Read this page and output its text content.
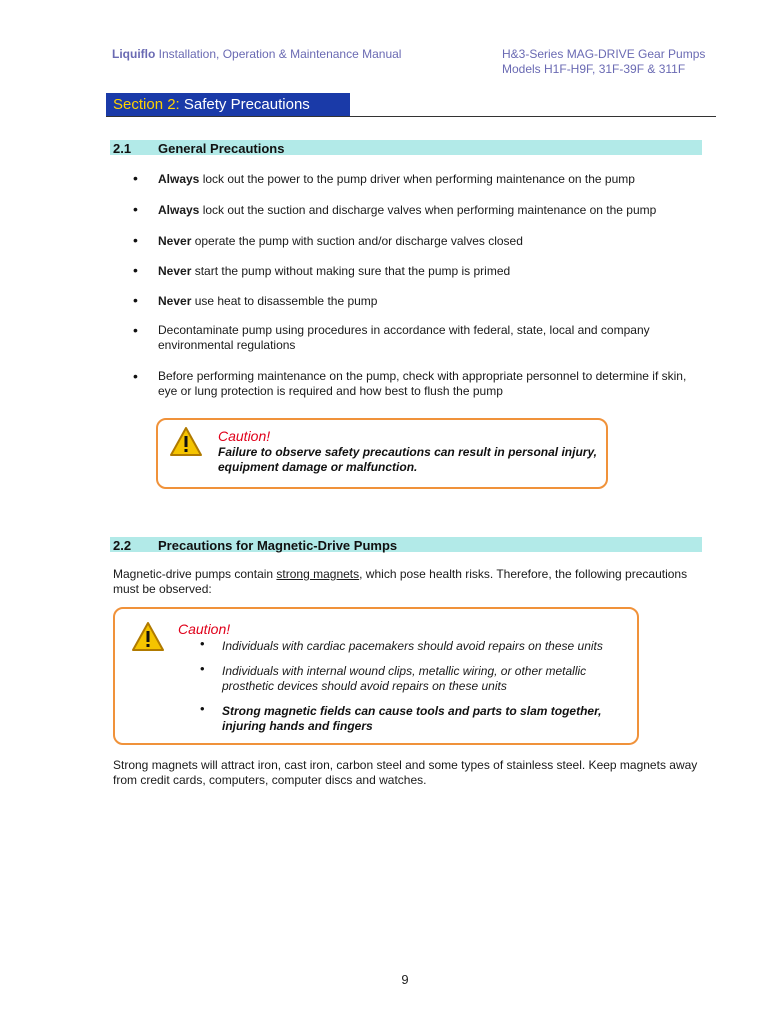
Liquiflo Installation, Operation & Maintenance Manual	H&3-Series MAG-DRIVE Gear Pumps
Models H1F-H9F, 31F-39F & 311F
Section 2: Safety Precautions
2.1 General Precautions
• Always lock out the power to the pump driver when performing maintenance on the pump
• Always lock out the suction and discharge valves when performing maintenance on the pump
• Never operate the pump with suction and/or discharge valves closed
• Never start the pump without making sure that the pump is primed
• Never use heat to disassemble the pump
• Decontaminate pump using procedures in accordance with federal, state, local and company environmental regulations
• Before performing maintenance on the pump, check with appropriate personnel to determine if skin, eye or lung protection is required and how best to flush the pump
Caution!
Failure to observe safety precautions can result in personal injury, equipment damage or malfunction.
2.2 Precautions for Magnetic-Drive Pumps
Magnetic-drive pumps contain strong magnets, which pose health risks. Therefore, the following precautions must be observed:
Caution!
• Individuals with cardiac pacemakers should avoid repairs on these units
• Individuals with internal wound clips, metallic wiring, or other metallic prosthetic devices should avoid repairs on these units
• Strong magnetic fields can cause tools and parts to slam together, injuring hands and fingers
Strong magnets will attract iron, cast iron, carbon steel and some types of stainless steel. Keep magnets away from credit cards, computers, computer discs and watches.
9
